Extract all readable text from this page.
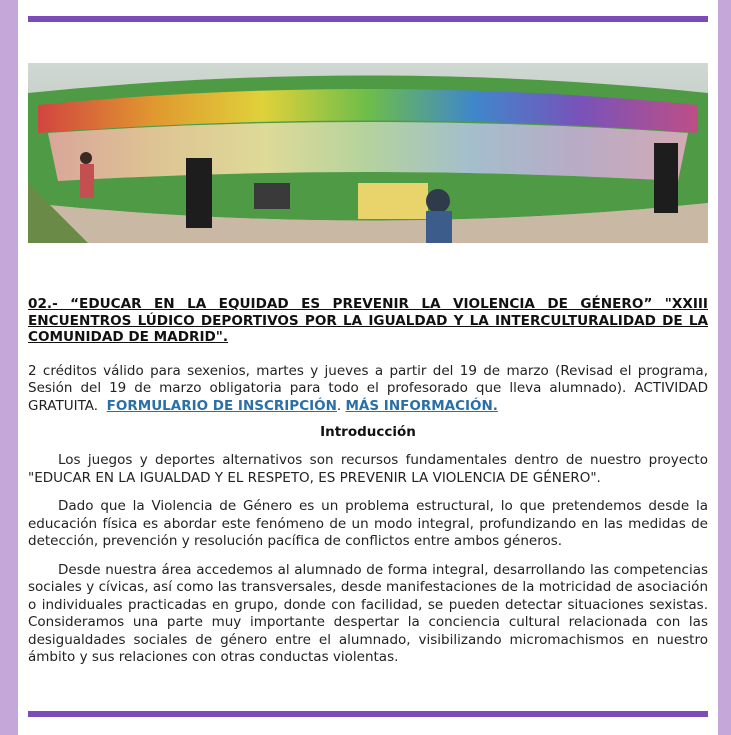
02.- “EDUCAR EN LA EQUIDAD ES PREVENIR LA VIOLENCIA DE GÉNERO” "XXIII ENCUENTROS LÚDICO DEPORTIVOS POR LA IGUALDAD Y LA INTERCULTURALIDAD DE LA COMUNIDAD DE MADRID".

2 créditos válido para sexenios, martes y jueves a partir del 19 de marzo (Revisad el programa, Sesión del 19 de marzo obligatoria para todo el profesorado que lleva alumnado). ACTIVIDAD GRATUITA. FORMULARIO DE INSCRIPCIÓN. MÁS INFORMACIÓN.

Introducción

Los juegos y deportes alternativos son recursos fundamentales dentro de nuestro proyecto "EDUCAR EN LA IGUALDAD Y EL RESPETO, ES PREVENIR LA VIOLENCIA DE GÉNERO".

Dado que la Violencia de Género es un problema estructural, lo que pretendemos desde la educación física es abordar este fenómeno de un modo integral, profundizando en las medidas de detección, prevención y resolución pacífica de conflictos entre ambos géneros.

Desde nuestra área accedemos al alumnado de forma integral, desarrollando las competencias sociales y cívicas, así como las transversales, desde manifestaciones de la motricidad de asociación o individuales practicadas en grupo, donde con facilidad, se pueden detectar situaciones sexistas. Consideramos una parte muy importante despertar la conciencia cultural relacionada con las desigualdades sociales de género entre el alumnado, visibilizando micromachismos en nuestro ámbito y sus relaciones con otras conductas violentas.
